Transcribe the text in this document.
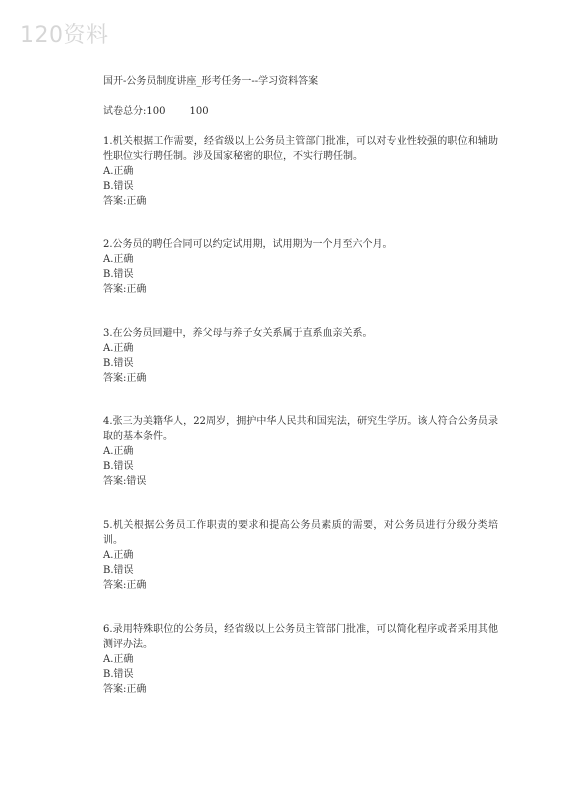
120资料
国开-公务员制度讲座_形考任务一--学习资料答案
试卷总分:100 100

1.机关根据工作需要，经省级以上公务员主管部门批准，可以对专业性较强的职位和辅助性职位实行聘任制。涉及国家秘密的职位，不实行聘任制。

A.正确

B.错误

答案:正确

2.公务员的聘任合同可以约定试用期，试用期为一个月至六个月。

A.正确

B.错误

答案:正确

3.在公务员回避中，养父母与养子女关系属于直系血亲关系。

A.正确

B.错误

答案:正确

4.张三为美籍华人，22周岁，拥护中华人民共和国宪法，研究生学历。该人符合公务员录取的基本条件。

A.正确

B.错误

答案:错误

5.机关根据公务员工作职责的要求和提高公务员素质的需要，对公务员进行分级分类培训。

A.正确

B.错误

答案:正确

6.录用特殊职位的公务员，经省级以上公务员主管部门批准，可以简化程序或者采用其他测评办法。

A.正确

B.错误

答案:正确
